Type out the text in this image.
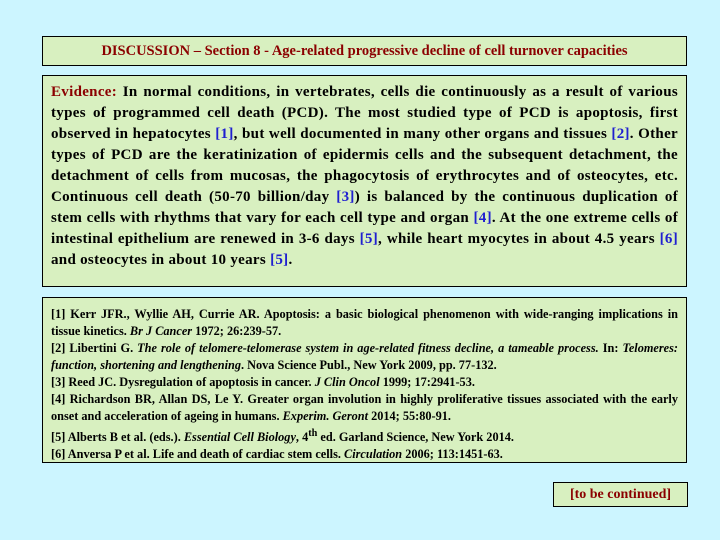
DISCUSSION – Section 8 - Age-related progressive decline of cell turnover capacities
Evidence: In normal conditions, in vertebrates, cells die continuously as a result of various types of programmed cell death (PCD). The most studied type of PCD is apoptosis, first observed in hepatocytes [1], but well documented in many other organs and tissues [2]. Other types of PCD are the keratinization of epidermis cells and the subsequent detachment, the detachment of cells from mucosas, the phagocytosis of erythrocytes and of osteocytes, etc. Continuous cell death (50-70 billion/day [3]) is balanced by the continuous duplication of stem cells with rhythms that vary for each cell type and organ [4]. At the one extreme cells of intestinal epithelium are renewed in 3-6 days [5], while heart myocytes in about 4.5 years [6] and osteocytes in about 10 years [5].

[1] Kerr JFR., Wyllie AH, Currie AR. Apoptosis: a basic biological phenomenon with wide-ranging implications in tissue kinetics. Br J Cancer 1972; 26:239-57.

[2] Libertini G. The role of telomere-telomerase system in age-related fitness decline, a tameable process. In: Telomeres: function, shortening and lengthening. Nova Science Publ., New York 2009, pp. 77-132.

[3] Reed JC. Dysregulation of apoptosis in cancer. J Clin Oncol 1999; 17:2941-53.

[4] Richardson BR, Allan DS, Le Y. Greater organ involution in highly proliferative tissues associated with the early onset and acceleration of ageing in humans. Experim. Geront 2014; 55:80-91.

[5] Alberts B et al. (eds.). Essential Cell Biology, 4th ed. Garland Science, New York 2014.

[6] Anversa P et al. Life and death of cardiac stem cells. Circulation 2006; 113:1451-63.

[to be continued]
